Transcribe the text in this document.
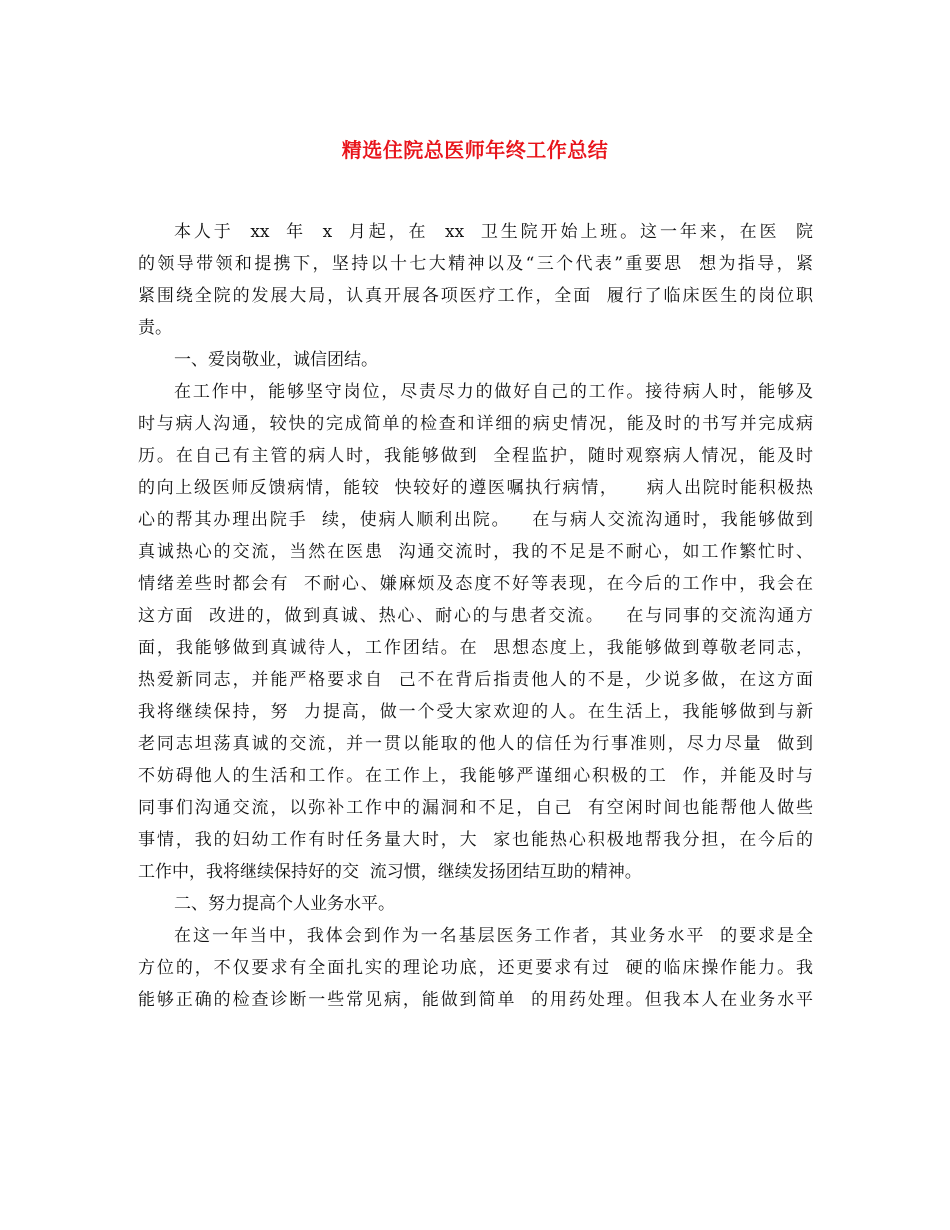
精选住院总医师年终工作总结
本人于  xx  年  x  月起，在  xx  卫生院开始上班。这一年来，在医  院
的领导带领和提携下，坚持以十七大精神以及“三个代表”重要思  想为指导，紧
紧围绕全院的发展大局，认真开展各项医疗工作，全面  履行了临床医生的岗位职
责。
一、爱岗敬业，诚信团结。
在工作中，能够坚守岗位，尽责尽力的做好自己的工作。接待病人时，能够及
时与病人沟通，较快的完成简单的检查和详细的病史情况，能及时的书写并完成病
历。在自己有主管的病人时，我能够做到  全程监护，随时观察病人情况，能及时
的向上级医师反馈病情，能较  快较好的遵医嘱执行病情，    病人出院时能积极热
心的帮其办理出院手  续，使病人顺利出院。   在与病人交流沟通时，我能够做到
真诚热心的交流，当然在医患  沟通交流时，我的不足是不耐心，如工作繁忙时、
情绪差些时都会有  不耐心、嫌麻烦及态度不好等表现，在今后的工作中，我会在
这方面  改进的，做到真诚、热心、耐心的与患者交流。   在与同事的交流沟通方
面，我能够做到真诚待人，工作团结。在  思想态度上，我能够做到尊敬老同志，
热爱新同志，并能严格要求自  己不在背后指责他人的不是，少说多做，在这方面
我将继续保持，努  力提高，做一个受大家欢迎的人。在生活上，我能够做到与新
老同志坦荡真诚的交流，并一贯以能取的他人的信任为行事准则，尽力尽量  做到
不妨碍他人的生活和工作。在工作上，我能够严谨细心积极的工  作，并能及时与
同事们沟通交流，以弥补工作中的漏洞和不足，自己  有空闲时间也能帮他人做些
事情，我的妇幼工作有时任务量大时，大  家也能热心积极地帮我分担，在今后的
工作中，我将继续保持好的交  流习惯，继续发扬团结互助的精神。
二、努力提高个人业务水平。
在这一年当中，我体会到作为一名基层医务工作者，其业务水平  的要求是全
方位的，不仅要求有全面扎实的理论功底，还更要求有过  硬的临床操作能力。我
能够正确的检查诊断一些常见病，能做到简单  的用药处理。但我本人在业务水平
